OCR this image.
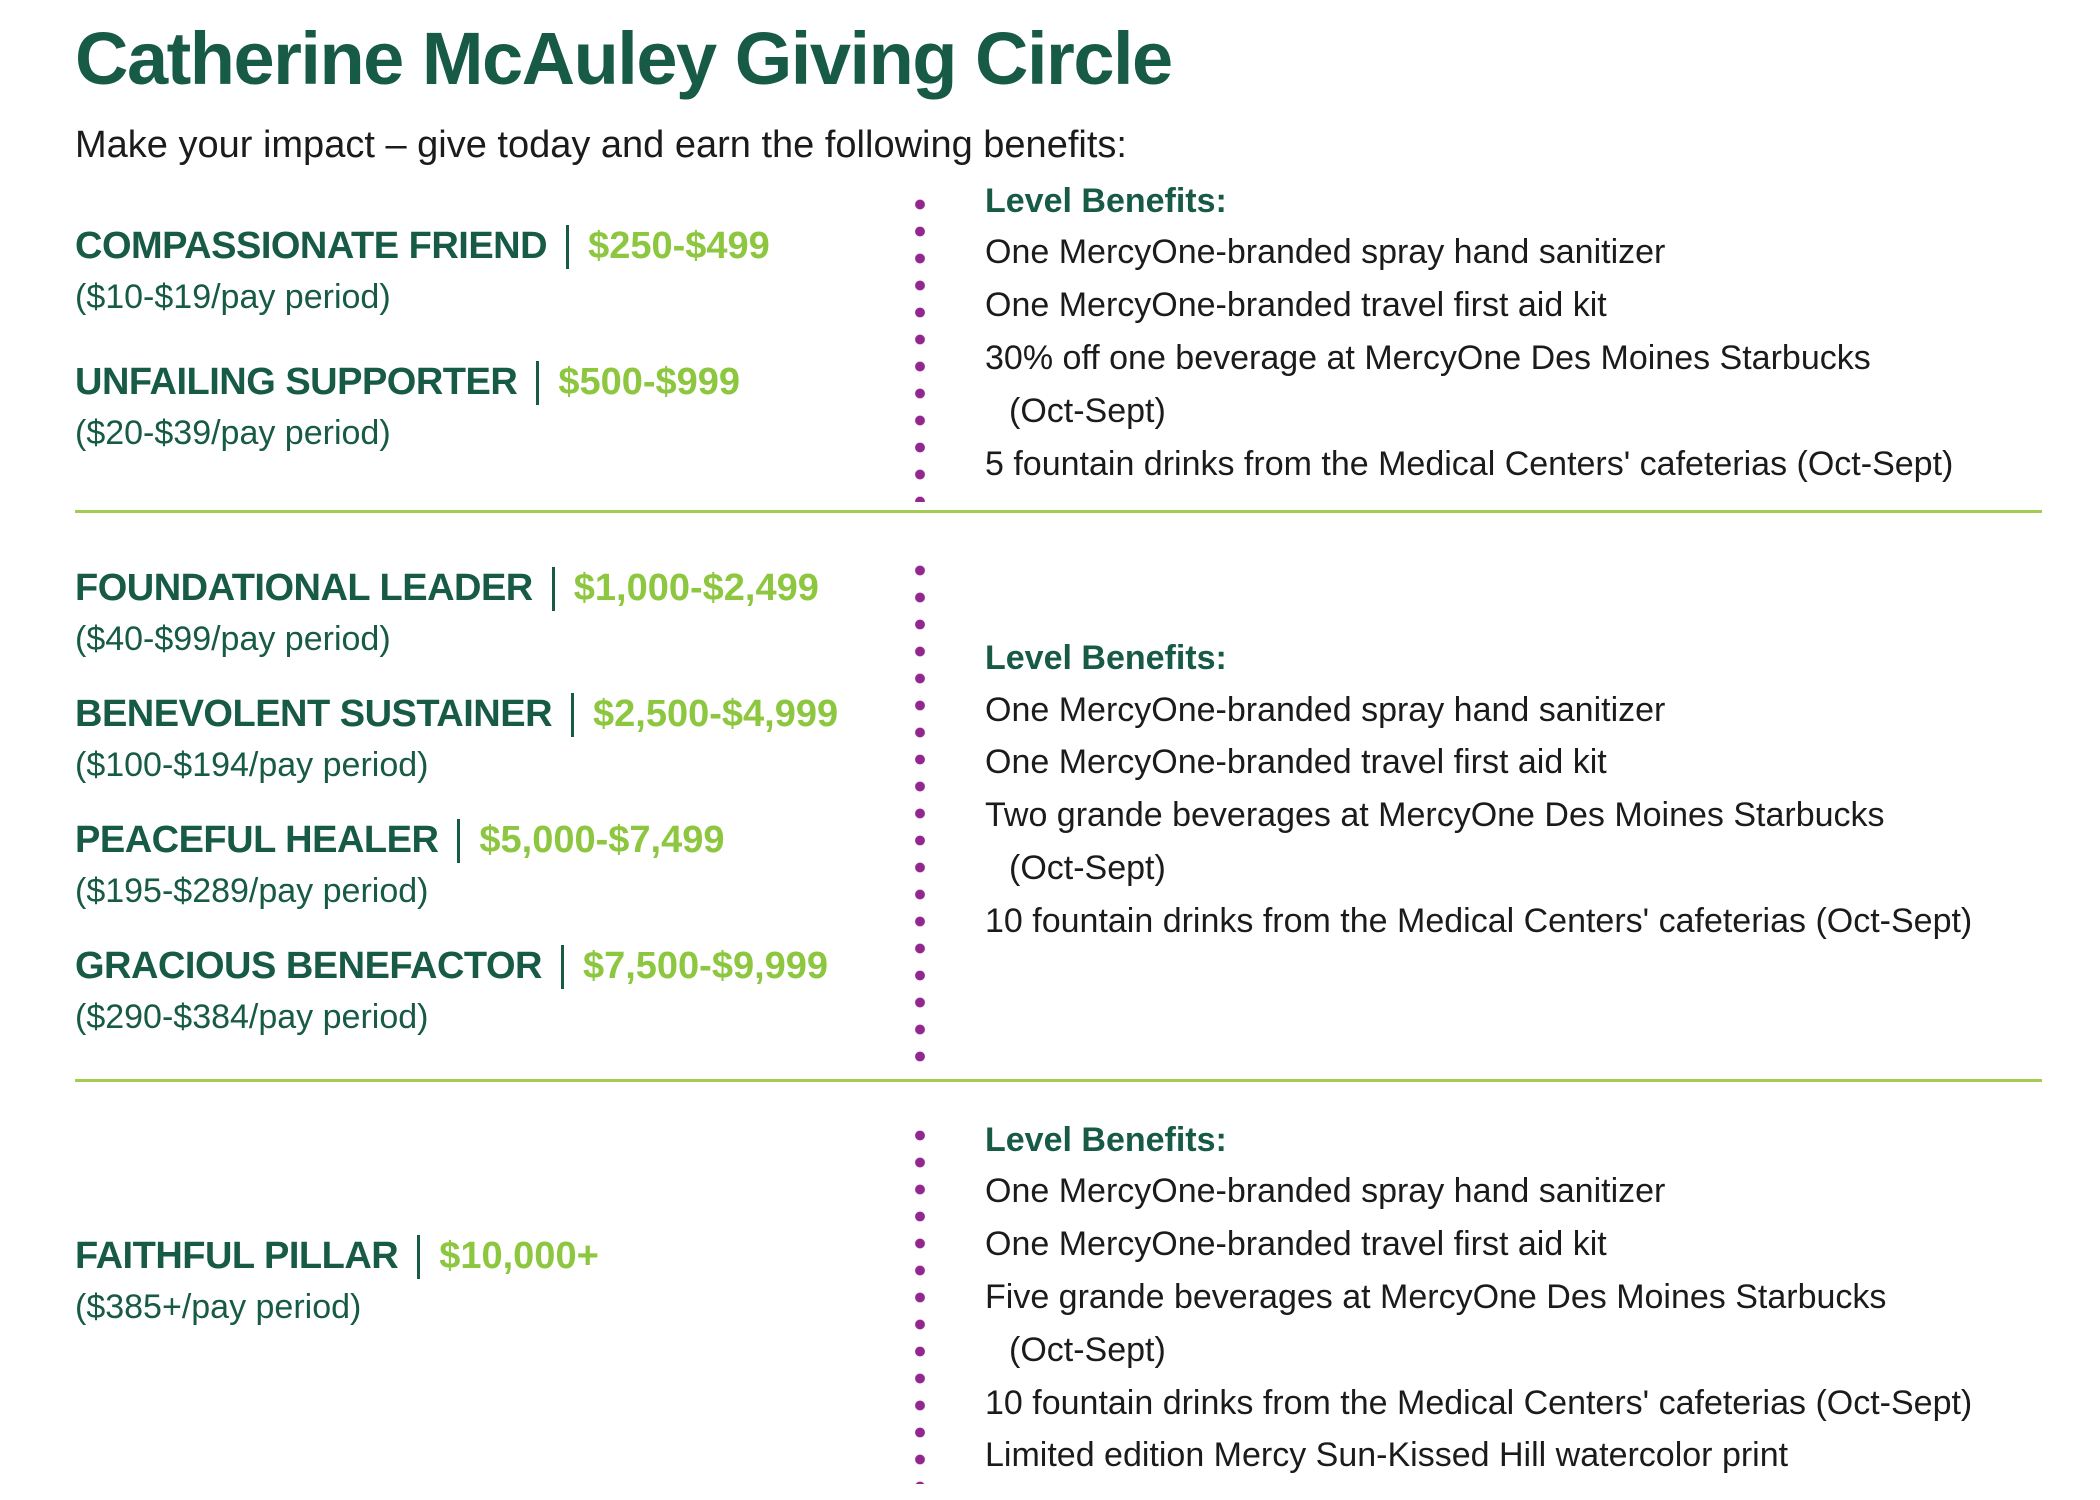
Catherine McAuley Giving Circle

Make your impact – give today and earn the following benefits:

COMPASSIONATE FRIEND $250-$499
($10-$19/pay period)
UNFAILING SUPPORTER $500-$999
($20-$39/pay period)
Level Benefits:
One MercyOne-branded spray hand sanitizer
One MercyOne-branded travel first aid kit
30% off one beverage at MercyOne Des Moines Starbucks
(Oct-Sept)
5 fountain drinks from the Medical Centers' cafeterias (Oct-Sept)
FOUNDATIONAL LEADER $1,000-$2,499
($40-$99/pay period)
BENEVOLENT SUSTAINER $2,500-$4,999
($100-$194/pay period)
PEACEFUL HEALER $5,000-$7,499
($195-$289/pay period)
GRACIOUS BENEFACTOR $7,500-$9,999
($290-$384/pay period)
Level Benefits:
One MercyOne-branded spray hand sanitizer
One MercyOne-branded travel first aid kit
Two grande beverages at MercyOne Des Moines Starbucks
(Oct-Sept)
10 fountain drinks from the Medical Centers' cafeterias (Oct-Sept)
FAITHFUL PILLAR $10,000+
($385+/pay period)
Level Benefits:
One MercyOne-branded spray hand sanitizer
One MercyOne-branded travel first aid kit
Five grande beverages at MercyOne Des Moines Starbucks
(Oct-Sept)
10 fountain drinks from the Medical Centers' cafeterias (Oct-Sept)
Limited edition Mercy Sun-Kissed Hill watercolor print
